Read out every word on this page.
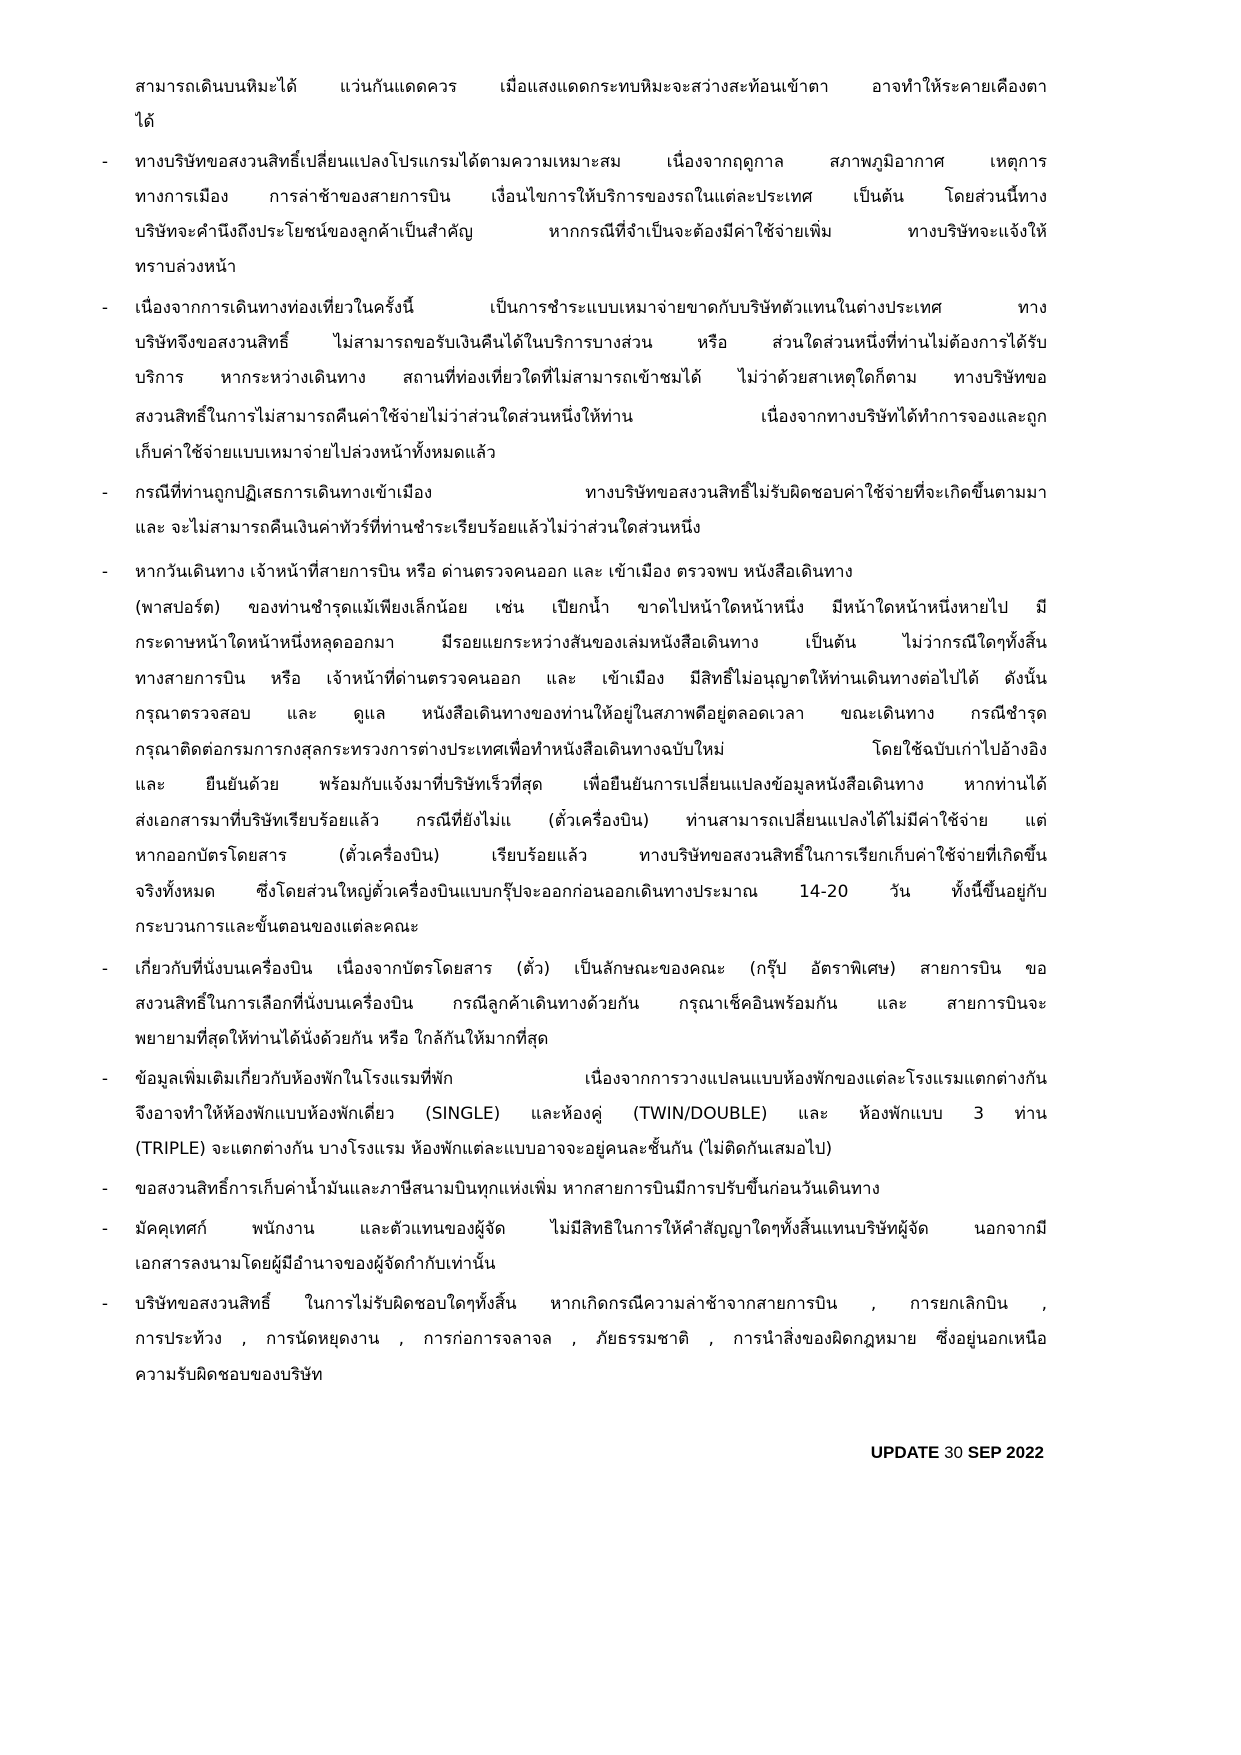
สามารถเดินบนหิมะได้ แว่นกันแดดควร เมื่อแสงแดดกระทบหิมะจะสว่างสะท้อนเข้าตา อาจทำให้ระคายเคืองตา
ได้
- ทางบริษัทขอสงวนสิทธิ์เปลี่ยนแปลงโปรแกรมได้ตามความเหมาะสม เนื่องจากฤดูกาล สภาพภูมิอากาศ เหตุการ
ทางการเมือง การล่าช้าของสายการบิน เงื่อนไขการให้บริการของรถในแต่ละประเทศ เป็นต้น โดยส่วนนี้ทาง
บริษัทจะคำนึงถึงประโยชน์ของลูกค้าเป็นสำคัญ หากกรณีที่จำเป็นจะต้องมีค่าใช้จ่ายเพิ่ม ทางบริษัทจะแจ้งให้
ทราบล่วงหน้า
- เนื่องจากการเดินทางท่องเที่ยวในครั้งนี้ เป็นการชำระแบบเหมาจ่ายขาดกับบริษัทตัวแทนในต่างประเทศ ทาง
บริษัทจึงขอสงวนสิทธิ์ ไม่สามารถขอรับเงินคืนได้ในบริการบางส่วน หรือ ส่วนใดส่วนหนึ่งที่ท่านไม่ต้องการได้รับ
บริการ หากระหว่างเดินทาง สถานที่ท่องเที่ยวใดที่ไม่สามารถเข้าชมได้ ไม่ว่าด้วยสาเหตุใดก็ตาม ทางบริษัทขอ
สงวนสิทธิ์ในการไม่สามารถคืนค่าใช้จ่ายไม่ว่าส่วนใดส่วนหนึ่งให้ท่าน เนื่องจากทางบริษัทได้ทำการจองและถูก
เก็บค่าใช้จ่ายแบบเหมาจ่ายไปล่วงหน้าทั้งหมดแล้ว
- กรณีที่ท่านถูกปฏิเสธการเดินทางเข้าเมือง ทางบริษัทขอสงวนสิทธิ์ไม่รับผิดชอบค่าใช้จ่ายที่จะเกิดขึ้นตามมา
และ จะไม่สามารถคืนเงินค่าทัวร์ที่ท่านชำระเรียบร้อยแล้วไม่ว่าส่วนใดส่วนหนึ่ง
- หากวันเดินทาง เจ้าหน้าที่สายการบิน หรือ ด่านตรวจคนออก และ เข้าเมือง ตรวจพบ หนังสือเดินทาง
(พาสปอร์ต) ของท่านชำรุดแม้เพียงเล็กน้อย เช่น เปียกน้ำ ขาดไปหน้าใดหน้าหนึ่ง มีหน้าใดหน้าหนึ่งหายไป มี
กระดาษหน้าใดหน้าหนึ่งหลุดออกมา มีรอยแยกระหว่างสันของเล่มหนังสือเดินทาง เป็นต้น ไม่ว่ากรณีใดๆทั้งสิ้น
ทางสายการบิน หรือ เจ้าหน้าที่ด่านตรวจคนออก และ เข้าเมือง มีสิทธิ์ไม่อนุญาตให้ท่านเดินทางต่อไปได้ ดังนั้น
กรุณาตรวจสอบ และ ดูแล หนังสือเดินทางของท่านให้อยู่ในสภาพดีอยู่ตลอดเวลา ขณะเดินทาง กรณีชำรุด
กรุณาติดต่อกรมการกงสุลกระทรวงการต่างประเทศเพื่อทำหนังสือเดินทางฉบับใหม่ โดยใช้ฉบับเก่าไปอ้างอิง
และ ยืนยันด้วย พร้อมกับแจ้งมาที่บริษัทเร็วที่สุด เพื่อยืนยันการเปลี่ยนแปลงข้อมูลหนังสือเดินทาง หากท่านได้
ส่งเอกสารมาที่บริษัทเรียบร้อยแล้ว กรณีที่ยังไม่แ (ตั๋วเครื่องบิน) ท่านสามารถเปลี่ยนแปลงได้ไม่มีค่าใช้จ่าย แต่
หากออกบัตรโดยสาร (ตั๋วเครื่องบิน) เรียบร้อยแล้ว ทางบริษัทขอสงวนสิทธิ์ในการเรียกเก็บค่าใช้จ่ายที่เกิดขึ้น
จริงทั้งหมด ซึ่งโดยส่วนใหญ่ตั๋วเครื่องบินแบบกรุ๊ปจะออกก่อนออกเดินทางประมาณ 14-20 วัน ทั้งนี้ขึ้นอยู่กับ
กระบวนการและขั้นตอนของแต่ละคณะ
- เกี่ยวกับที่นั่งบนเครื่องบิน เนื่องจากบัตรโดยสาร (ตั๋ว) เป็นลักษณะของคณะ (กรุ๊ป อัตราพิเศษ) สายการบิน ขอ
สงวนสิทธิ์ในการเลือกที่นั่งบนเครื่องบิน กรณีลูกค้าเดินทางด้วยกัน กรุณาเช็คอินพร้อมกัน และ สายการบินจะ
พยายามที่สุดให้ท่านได้นั่งด้วยกัน หรือ ใกล้กันให้มากที่สุด
- ข้อมูลเพิ่มเติมเกี่ยวกับห้องพักในโรงแรมที่พัก เนื่องจากการวางแปลนแบบห้องพักของแต่ละโรงแรมแตกต่างกัน
จึงอาจทำให้ห้องพักแบบห้องพักเดี่ยว (SINGLE) และห้องคู่ (TWIN/DOUBLE) และ ห้องพักแบบ 3 ท่าน
(TRIPLE) จะแตกต่างกัน บางโรงแรม ห้องพักแต่ละแบบอาจจะอยู่คนละชั้นกัน (ไม่ติดกันเสมอไป)
- ขอสงวนสิทธิ์การเก็บค่าน้ำมันและภาษีสนามบินทุกแห่งเพิ่ม หากสายการบินมีการปรับขึ้นก่อนวันเดินทาง
- มัคคุเทศก์ พนักงาน และตัวแทนของผู้จัด ไม่มีสิทธิในการให้คำสัญญาใดๆทั้งสิ้นแทนบริษัทผู้จัด นอกจากมี
เอกสารลงนามโดยผู้มีอำนาจของผู้จัดกำกับเท่านั้น
- บริษัทขอสงวนสิทธิ์ ในการไม่รับผิดชอบใดๆทั้งสิ้น หากเกิดกรณีความล่าช้าจากสายการบิน , การยกเลิกบิน ,
การประท้วง , การนัดหยุดงาน , การก่อการจลาจล , ภัยธรรมชาติ , การนำสิ่งของผิดกฎหมาย ซึ่งอยู่นอกเหนือ
ความรับผิดชอบของบริษัท
UPDATE 30 SEP 2022
